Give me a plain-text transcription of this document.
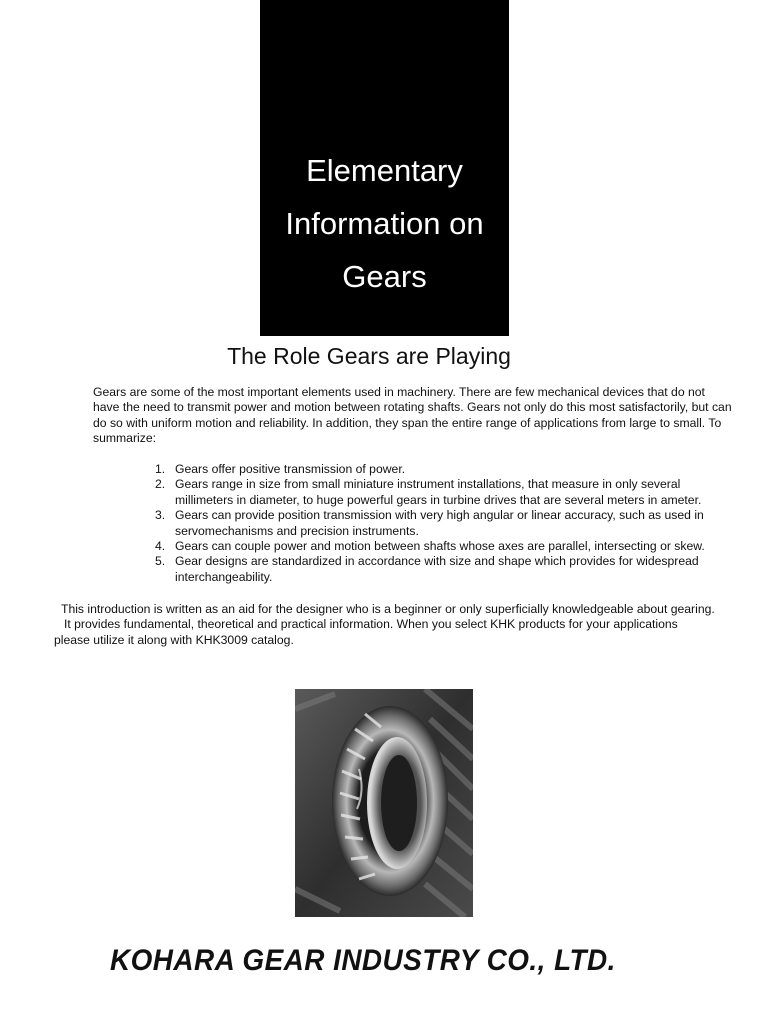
Elementary
Information on
Gears
The Role Gears are Playing

Gears are some of the most important elements used in machinery. There are few mechanical devices that do not have the need to transmit power and motion between rotating shafts. Gears not only do this most satisfactorily, but can do so with uniform motion and reliability. In addition, they span the entire range of applications from large to small. To summarize:

1. Gears offer positive transmission of power.
2. Gears range in size from small miniature instrument installations, that measure in only several millimeters in diameter, to huge powerful gears in turbine drives that are several meters in ameter.
3. Gears can provide position transmission with very high angular or linear accuracy, such as used in servomechanisms and precision instruments.
4. Gears can couple power and motion between shafts whose axes are parallel, intersecting or skew.
5. Gear designs are standardized in accordance with size and shape which provides for widespread interchangeability.

This introduction is written as an aid for the designer who is a beginner or only superficially knowledgeable about gearing.
It provides fundamental, theoretical and practical information. When you select KHK products for your applications
please utilize it along with KHK3009 catalog.

KOHARA GEAR INDUSTRY CO., LTD.
